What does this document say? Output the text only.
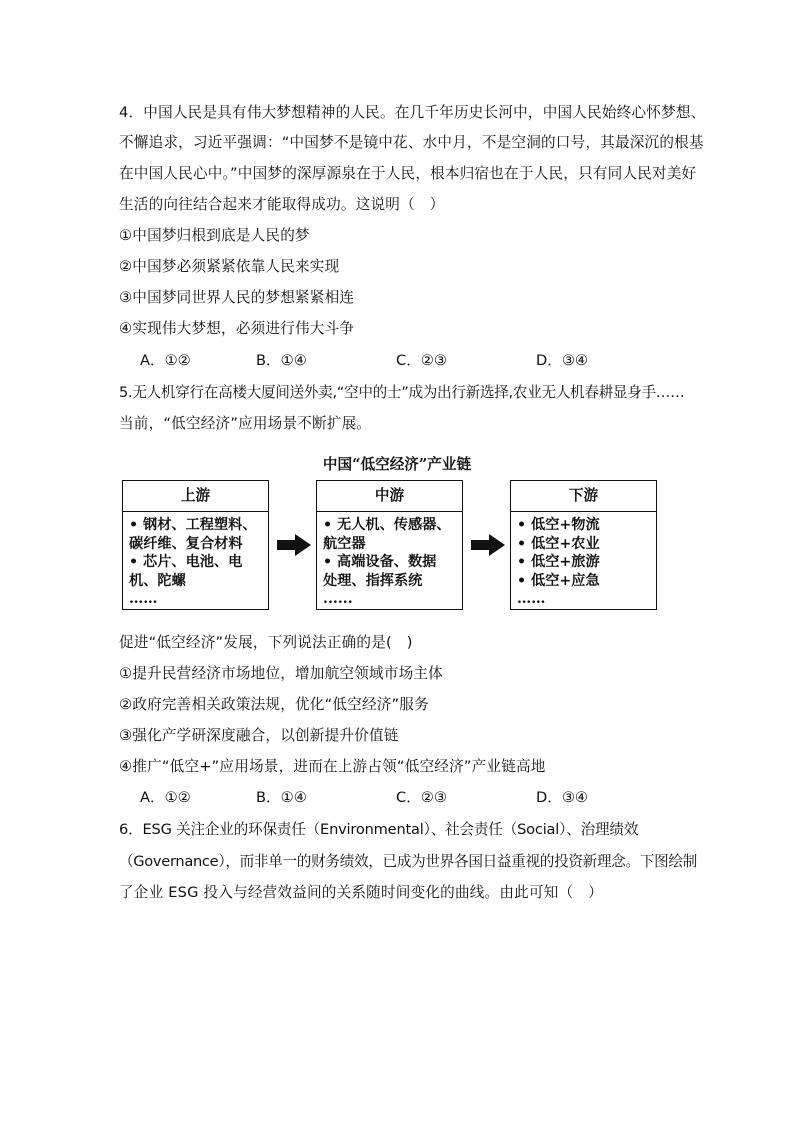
4．中国人民是具有伟大梦想精神的人民。在几千年历史长河中，中国人民始终心怀梦想、
不懈追求，习近平强调：“中国梦不是镜中花、水中月，不是空洞的口号，其最深沉的根基
在中国人民心中。”中国梦的深厚源泉在于人民，根本归宿也在于人民，只有同人民对美好
生活的向往结合起来才能取得成功。这说明（　）
①中国梦归根到底是人民的梦
②中国梦必须紧紧依靠人民来实现
③中国梦同世界人民的梦想紧紧相连
④实现伟大梦想，必须进行伟大斗争
A．①②	B．①④	C．②③	D．③④
5.无人机穿行在高楼大厦间送外卖,“空中的士”成为出行新选择,农业无人机春耕显身手……
当前，“低空经济”应用场景不断扩展。
中国“低空经济”产业链
上游
• 钢材、工程塑料、
碳纤维、复合材料
• 芯片、电池、电
机、陀螺
……
中游
• 无人机、传感器、
航空器
• 高端设备、数据
处理、指挥系统
......
下游
• 低空+物流
• 低空+农业
• 低空+旅游
• 低空+应急
……
促进“低空经济”发展，下列说法正确的是(　)
①提升民营经济市场地位，增加航空领域市场主体
②政府完善相关政策法规，优化“低空经济”服务
③强化产学研深度融合，以创新提升价值链
④推广“低空+”应用场景，进而在上游占领“低空经济”产业链高地
A．①②	B．①④	C．②③	D．③④
6．ESG 关注企业的环保责任（Environmental）、社会责任（Social）、治理绩效
（Governance），而非单一的财务绩效，已成为世界各国日益重视的投资新理念。下图绘制
了企业 ESG 投入与经营效益间的关系随时间变化的曲线。由此可知（　）
